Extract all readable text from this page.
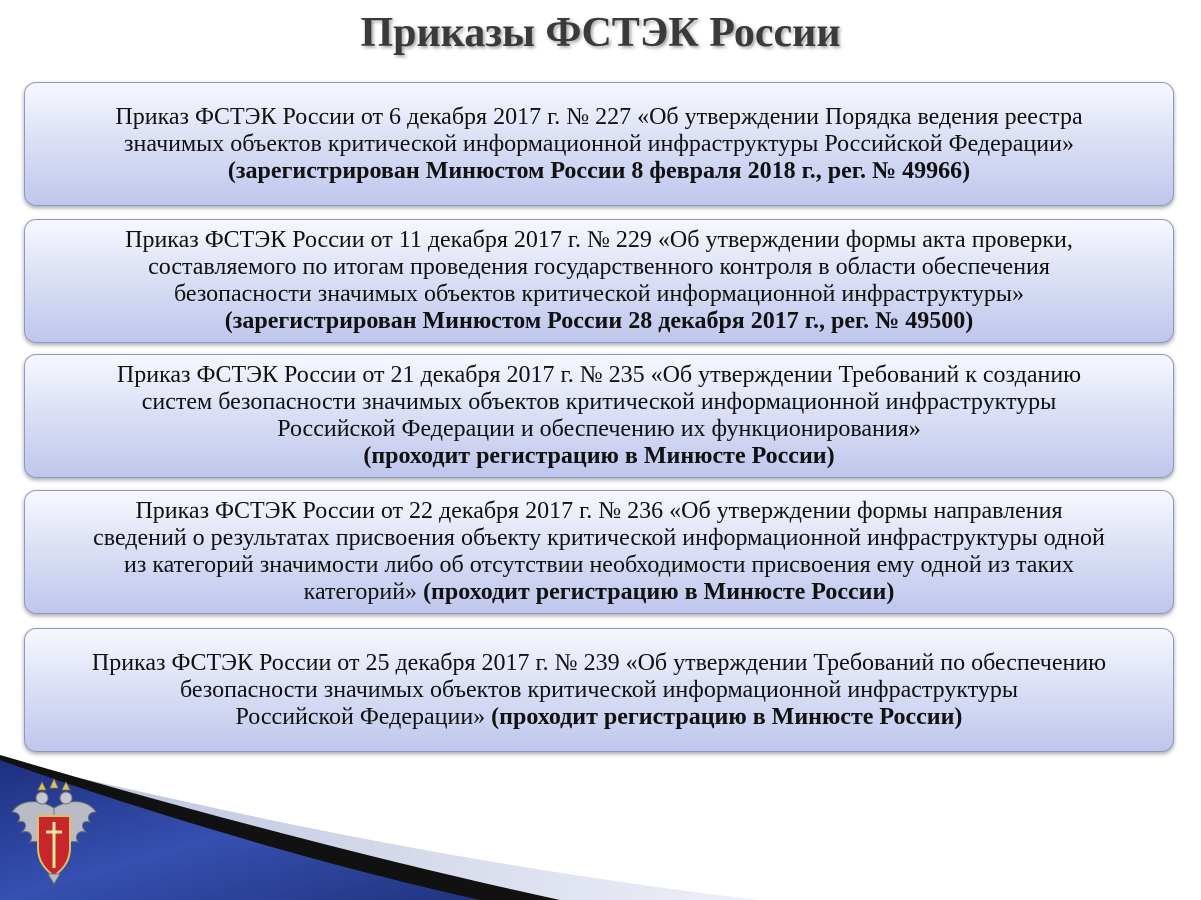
Приказы ФСТЭК России
Приказ ФСТЭК России от 6 декабря 2017 г. № 227 «Об утверждении Порядка ведения реестра
значимых объектов критической информационной инфраструктуры Российской Федерации»
(зарегистрирован Минюстом России 8 февраля 2018 г., рег. № 49966)
Приказ ФСТЭК России от 11 декабря 2017 г. № 229 «Об утверждении формы акта проверки,
составляемого по итогам проведения государственного контроля в области обеспечения
безопасности значимых объектов критической информационной инфраструктуры»
(зарегистрирован Минюстом России 28 декабря 2017 г., рег. № 49500)
Приказ ФСТЭК России от 21 декабря 2017 г. № 235 «Об утверждении Требований к созданию
систем безопасности значимых объектов критической информационной инфраструктуры
Российской Федерации и обеспечению их функционирования»
(проходит регистрацию в Минюсте России)
Приказ ФСТЭК России от 22 декабря 2017 г. № 236 «Об утверждении формы направления
сведений о результатах присвоения объекту критической информационной инфраструктуры одной
из категорий значимости либо об отсутствии необходимости присвоения ему одной из таких
категорий» (проходит регистрацию в Минюсте России)
Приказ ФСТЭК России от 25 декабря 2017 г. № 239 «Об утверждении Требований по обеспечению
безопасности значимых объектов критической информационной инфраструктуры
Российской Федерации» (проходит регистрацию в Минюсте России)
